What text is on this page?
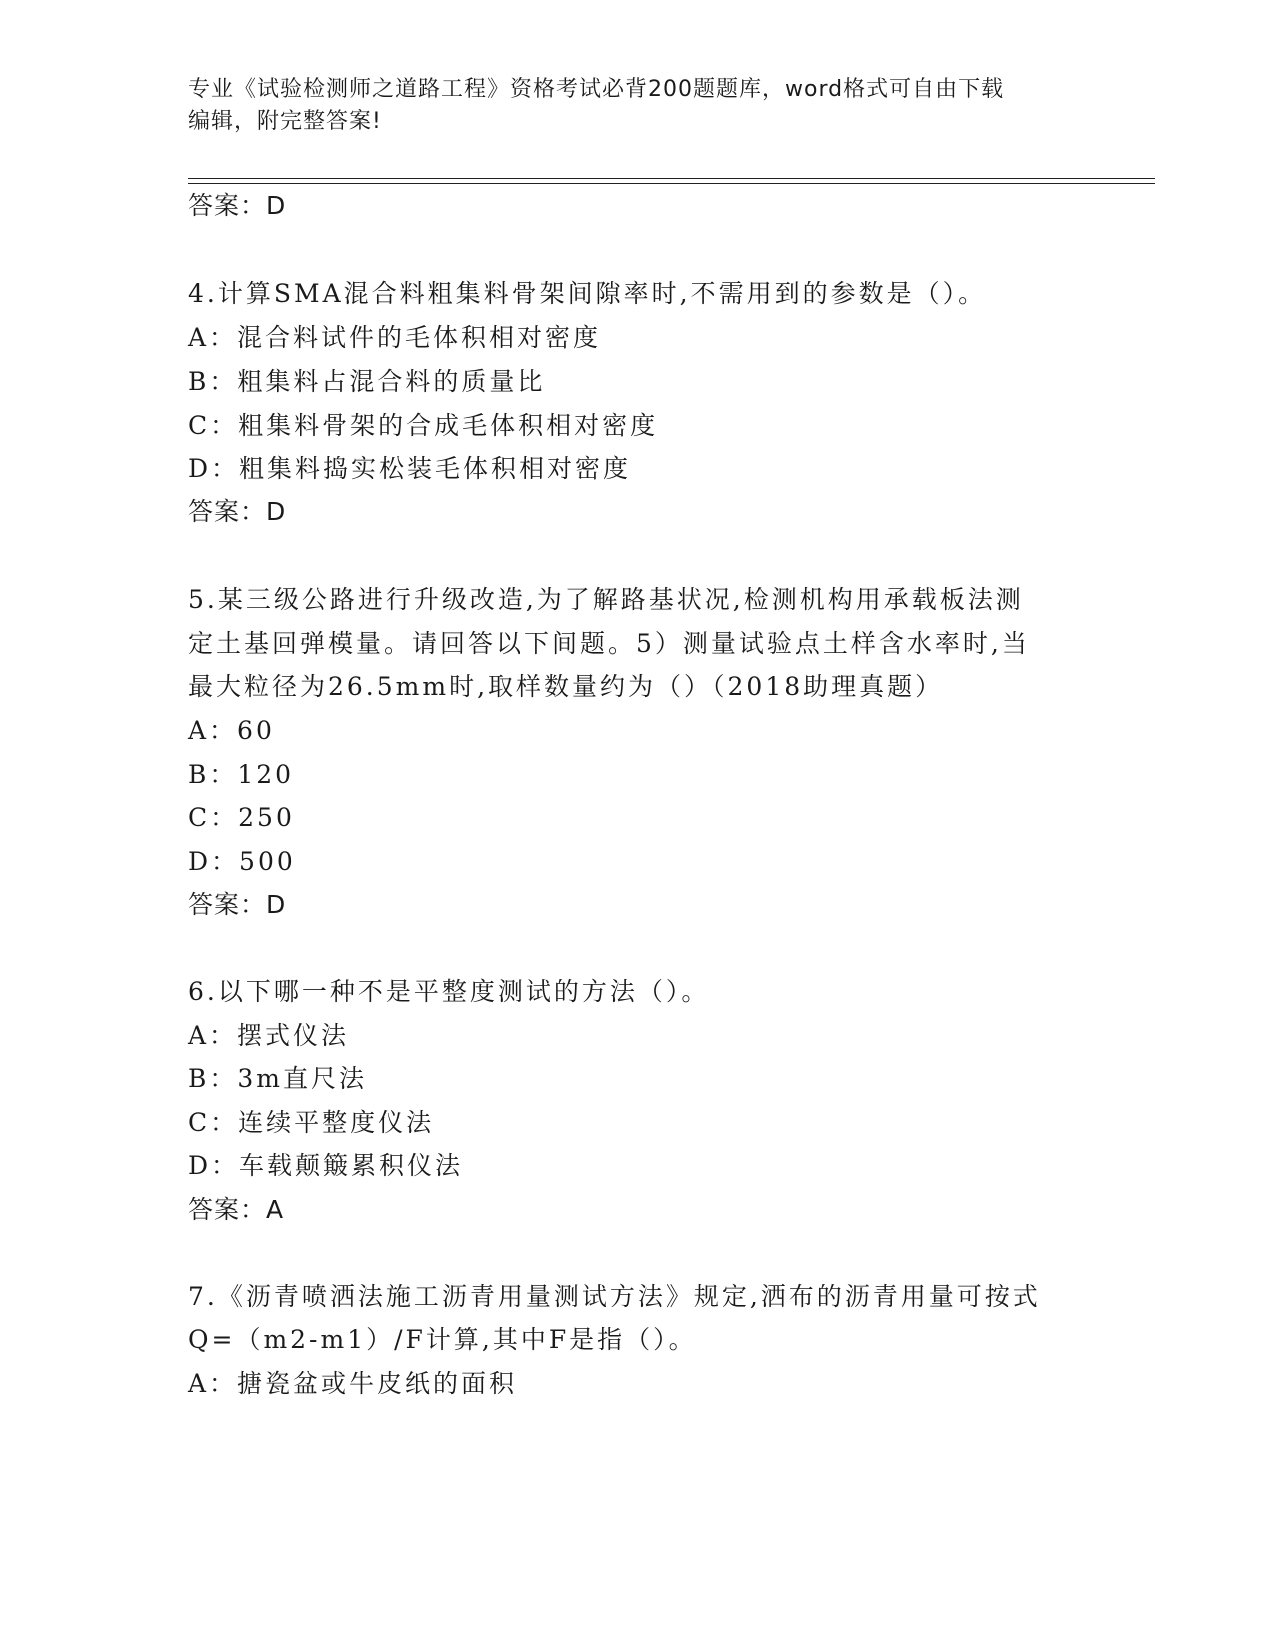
专业《试验检测师之道路工程》资格考试必背200题题库，word格式可自由下载
编辑，附完整答案!
答案：D
4.计算SMA混合料粗集料骨架间隙率时,不需用到的参数是（）。
A：混合料试件的毛体积相对密度
B：粗集料占混合料的质量比
C：粗集料骨架的合成毛体积相对密度
D：粗集料捣实松装毛体积相对密度
答案：D
5.某三级公路进行升级改造,为了解路基状况,检测机构用承载板法测
定土基回弹模量。请回答以下间题。5）测量试验点土样含水率时,当
最大粒径为26.5mm时,取样数量约为（）（2018助理真题）
A：60
B：120
C：250
D：500
答案：D
6.以下哪一种不是平整度测试的方法（）。
A：摆式仪法
B：3m直尺法
C：连续平整度仪法
D：车载颠簸累积仪法
答案：A
7.《沥青喷洒法施工沥青用量测试方法》规定,洒布的沥青用量可按式
Q=（m2-m1）/F计算,其中F是指（）。
A：搪瓷盆或牛皮纸的面积
